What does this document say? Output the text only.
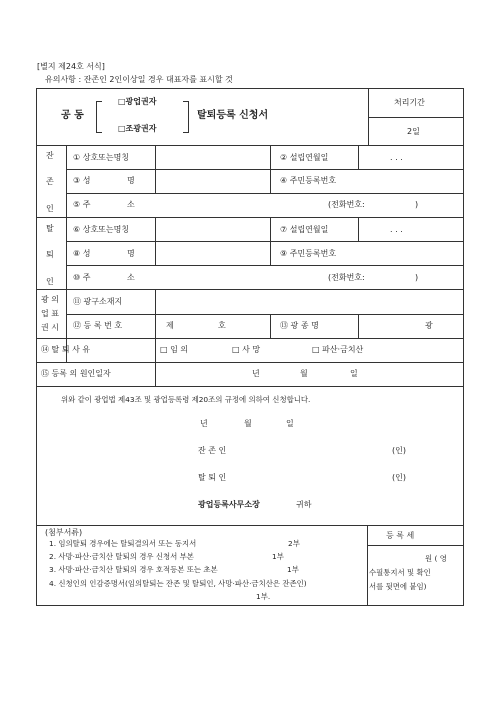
[별지 제24호 서식]
유의사항 : 잔존인 2인이상일 경우 대표자를 표시할 것
공 동
□광업권자
□조광권자
탈퇴등록 신청서
처리기간
2일
잔
존
인
① 상호또는명칭	② 설립연월일	. . .
③ 성	명	④ 주민등록번호
⑤ 주	소	(전화번호:	)
탈
퇴
인
⑥ 상호또는명칭	⑦ 설립연월일	. . .
⑧ 성	명	⑨ 주민등록번호
⑩ 주	소	(전화번호:	)
광 의
업 표
권 시
⑪ 광구소재지
⑫ 등 록 번 호	제	호	⑬ 광 종 명	광
⑭ 탈 퇴 사 유	□ 임 의	□ 사 망	□ 파산·금치산
⑮ 등록 의 원인일자	년	월	일
위와 같이 광업법 제43조 및 광업등록령 제20조의 규정에 의하여 신청합니다.
년	월	일
잔 존 인	(인)
탈 퇴 인	(인)
광업등록사무소장	귀하
(첨부서류)
1. 임의탈퇴 경우에는 탈퇴결의서 또는 동지서	2부
2. 사망·파산·금치산 탈퇴의 경우 신청서 부본	1부
3. 사망·파산·금치산 탈퇴의 경우 호적등본 또는 초본	1부
4. 신청인의 인감증명서(임의탈퇴는 잔존 및 탈퇴인, 사망·파산·금치산은 잔존인)
1부.
등 록 세
원 ( 영
수필통지서 및 확인
서를 뒷면에 붙임)
